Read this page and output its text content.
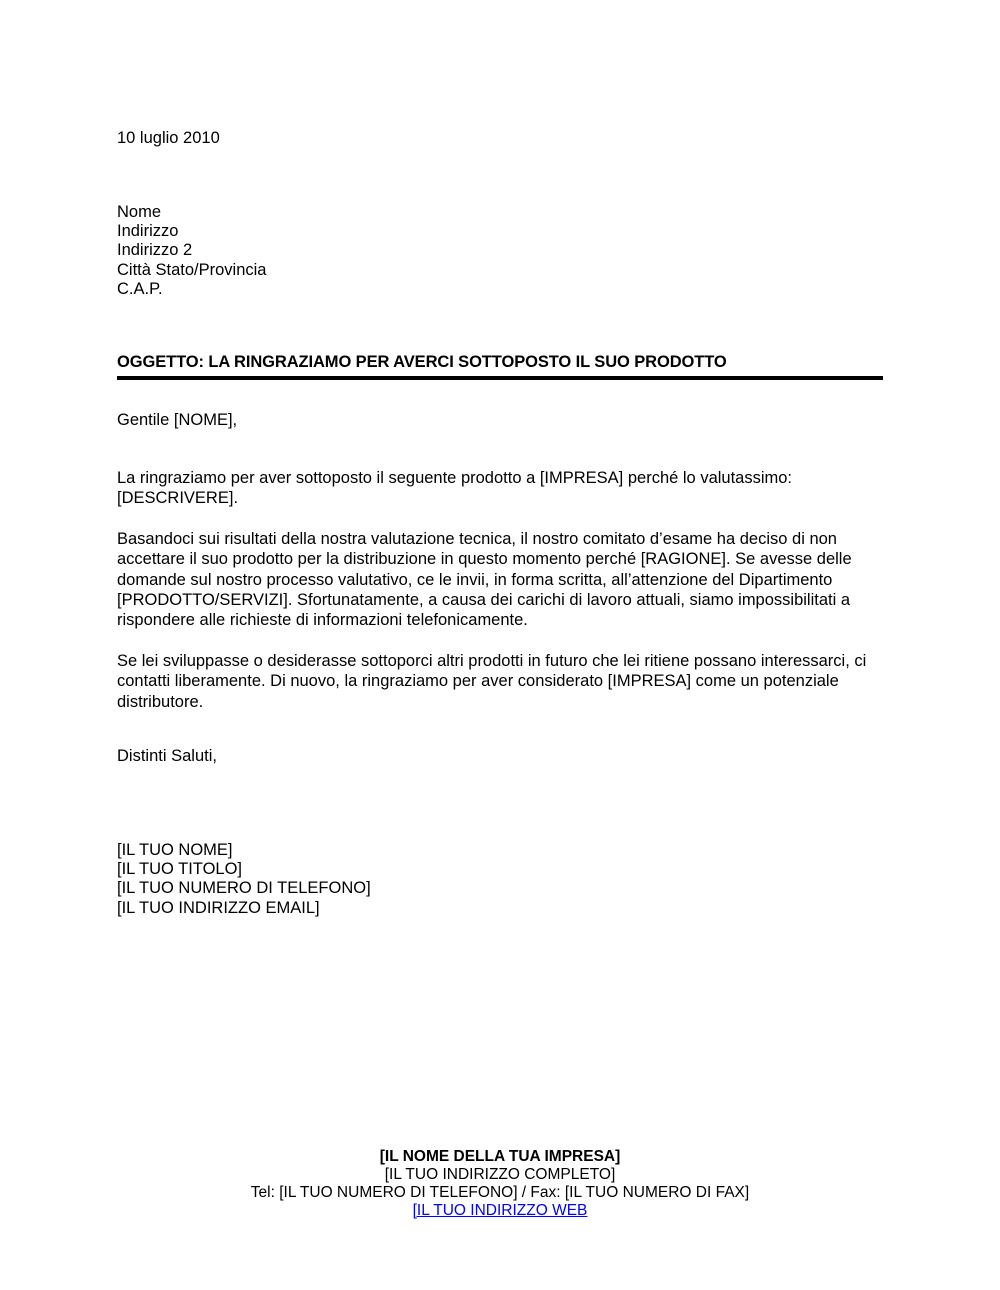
10 luglio 2010
Nome
Indirizzo
Indirizzo 2
Città Stato/Provincia
C.A.P.
OGGETTO: LA RINGRAZIAMO PER AVERCI SOTTOPOSTO IL SUO PRODOTTO
Gentile [NOME],

La ringraziamo per aver sottoposto il seguente prodotto a [IMPRESA] perché lo valutassimo: [DESCRIVERE].

Basandoci sui risultati della nostra valutazione tecnica, il nostro comitato d’esame ha deciso di non accettare il suo prodotto per la distribuzione in questo momento perché [RAGIONE]. Se avesse delle domande sul nostro processo valutativo, ce le invii, in forma scritta, all’attenzione del Dipartimento [PRODOTTO/SERVIZI]. Sfortunatamente, a causa dei carichi di lavoro attuali, siamo impossibilitati a rispondere alle richieste di informazioni telefonicamente.

Se lei sviluppasse o desiderasse sottoporci altri prodotti in futuro che lei ritiene possano interessarci, ci contatti liberamente. Di nuovo, la ringraziamo per aver considerato [IMPRESA] come un potenziale distributore.

Distinti Saluti,
[IL TUO NOME]
[IL TUO TITOLO]
[IL TUO NUMERO DI TELEFONO]
[IL TUO INDIRIZZO EMAIL]
[IL NOME DELLA TUA IMPRESA]
[IL TUO INDIRIZZO COMPLETO]
Tel: [IL TUO NUMERO DI TELEFONO] / Fax: [IL TUO NUMERO DI FAX]
[IL TUO INDIRIZZO WEB
